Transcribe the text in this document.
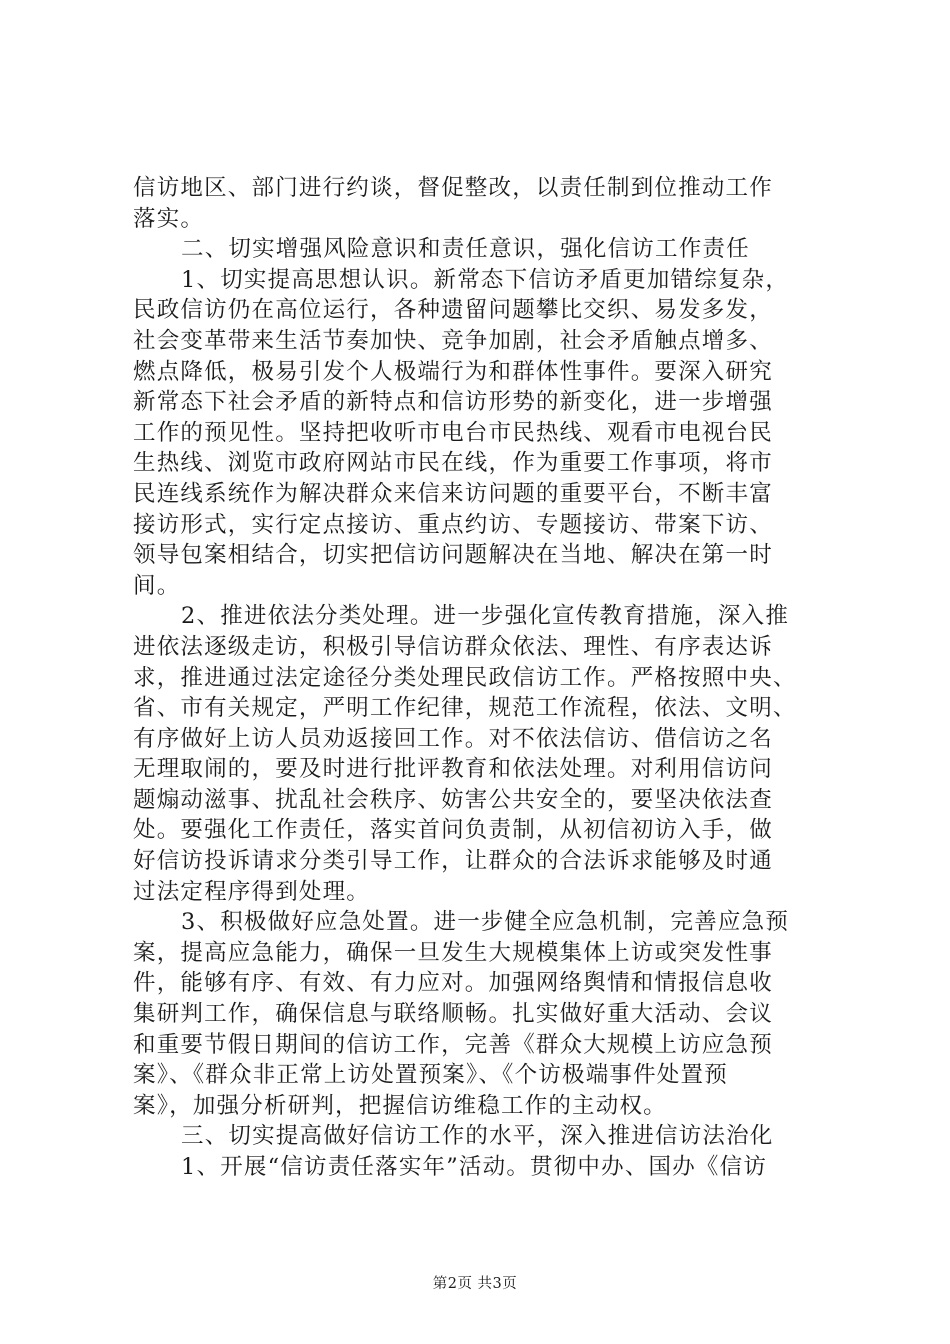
信访地区、部门进行约谈，督促整改，以责任制到位推动工作
落实。
二、切实增强风险意识和责任意识，强化信访工作责任
1、切实提高思想认识。新常态下信访矛盾更加错综复杂，
民政信访仍在高位运行，各种遗留问题攀比交织、易发多发，
社会变革带来生活节奏加快、竞争加剧，社会矛盾触点增多、
燃点降低，极易引发个人极端行为和群体性事件。要深入研究
新常态下社会矛盾的新特点和信访形势的新变化，进一步增强
工作的预见性。坚持把收听市电台市民热线、观看市电视台民
生热线、浏览市政府网站市民在线，作为重要工作事项，将市
民连线系统作为解决群众来信来访问题的重要平台，不断丰富
接访形式，实行定点接访、重点约访、专题接访、带案下访、
领导包案相结合，切实把信访问题解决在当地、解决在第一时
间。
2、推进依法分类处理。进一步强化宣传教育措施，深入推
进依法逐级走访，积极引导信访群众依法、理性、有序表达诉
求，推进通过法定途径分类处理民政信访工作。严格按照中央、
省、市有关规定，严明工作纪律，规范工作流程，依法、文明、
有序做好上访人员劝返接回工作。对不依法信访、借信访之名
无理取闹的，要及时进行批评教育和依法处理。对利用信访问
题煽动滋事、扰乱社会秩序、妨害公共安全的，要坚决依法查
处。要强化工作责任，落实首问负责制，从初信初访入手，做
好信访投诉请求分类引导工作，让群众的合法诉求能够及时通
过法定程序得到处理。
3、积极做好应急处置。进一步健全应急机制，完善应急预
案，提高应急能力，确保一旦发生大规模集体上访或突发性事
件，能够有序、有效、有力应对。加强网络舆情和情报信息收
集研判工作，确保信息与联络顺畅。扎实做好重大活动、会议
和重要节假日期间的信访工作，完善《群众大规模上访应急预
案》、《群众非正常上访处置预案》、《个访极端事件处置预
案》，加强分析研判，把握信访维稳工作的主动权。
三、切实提高做好信访工作的水平，深入推进信访法治化
1、开展“信访责任落实年”活动。贯彻中办、国办《信访
第2页 共3页
